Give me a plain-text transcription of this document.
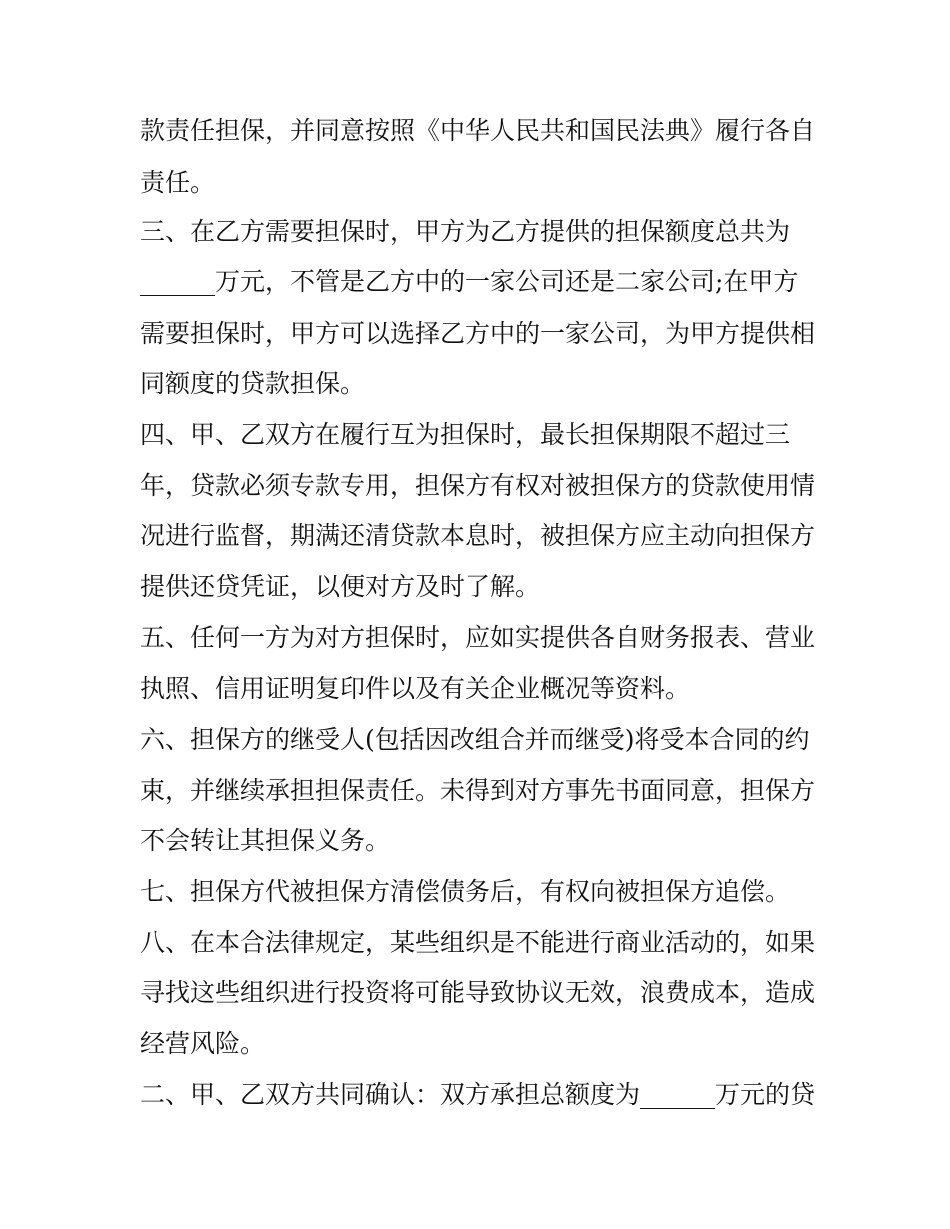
款责任担保，并同意按照《中华人民共和国民法典》履行各自
责任。
三、在乙方需要担保时，甲方为乙方提供的担保额度总共为
______万元，不管是乙方中的一家公司还是二家公司;在甲方
需要担保时，甲方可以选择乙方中的一家公司，为甲方提供相
同额度的贷款担保。
四、甲、乙双方在履行互为担保时，最长担保期限不超过三
年，贷款必须专款专用，担保方有权对被担保方的贷款使用情
况进行监督，期满还清贷款本息时，被担保方应主动向担保方
提供还贷凭证，以便对方及时了解。
五、任何一方为对方担保时，应如实提供各自财务报表、营业
执照、信用证明复印件以及有关企业概况等资料。
六、担保方的继受人(包括因改组合并而继受)将受本合同的约
束，并继续承担担保责任。未得到对方事先书面同意，担保方
不会转让其担保义务。
七、担保方代被担保方清偿债务后，有权向被担保方追偿。
八、在本合法律规定，某些组织是不能进行商业活动的，如果
寻找这些组织进行投资将可能导致协议无效，浪费成本，造成
经营风险。
二、甲、乙双方共同确认：双方承担总额度为______万元的贷
